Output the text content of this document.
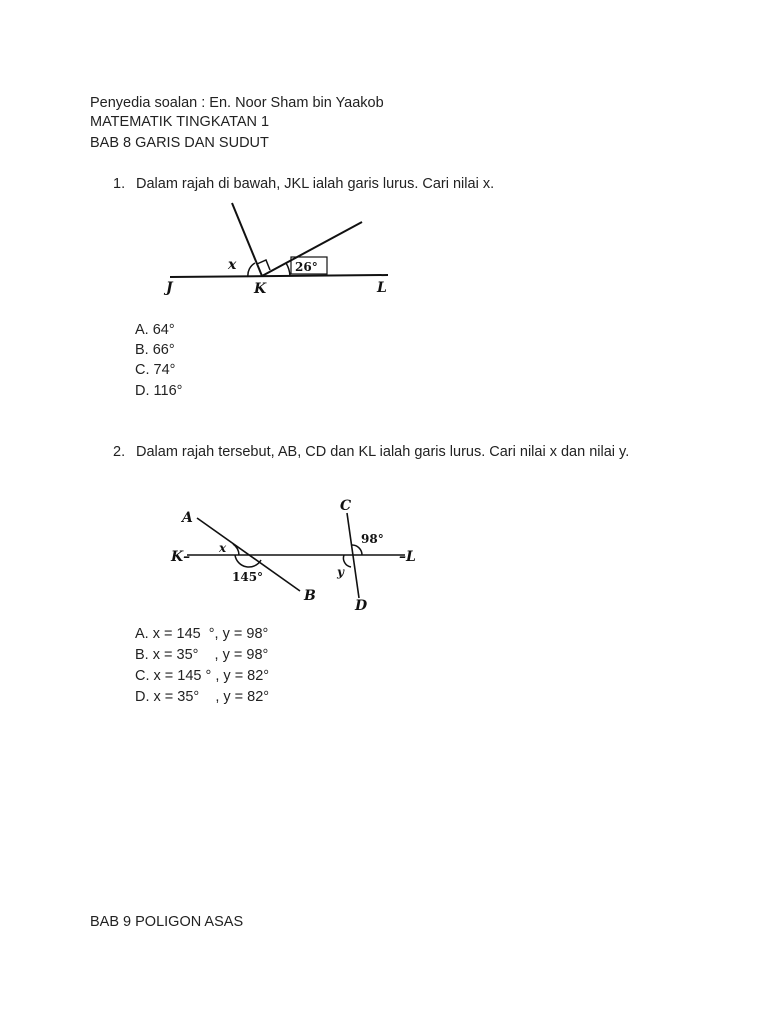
Penyedia soalan : En. Noor Sham bin Yaakob
MATEMATIK TINGKATAN 1
BAB 8 GARIS DAN SUDUT
1. Dalam rajah di bawah, JKL ialah garis lurus. Cari nilai x.
x	26°
J	K	L
A. 64°
B. 66°
C. 74°
D. 116°
2. Dalam rajah tersebut, AB, CD dan KL ialah garis lurus. Cari nilai x dan nilai y.
A
x
K–
145°
B
C
98°
–L
y
D
A. x = 145  °, y = 98°
B. x = 35°    , y = 98°
C. x = 145 ° , y = 82°
D. x = 35°    , y = 82°
BAB 9 POLIGON ASAS
